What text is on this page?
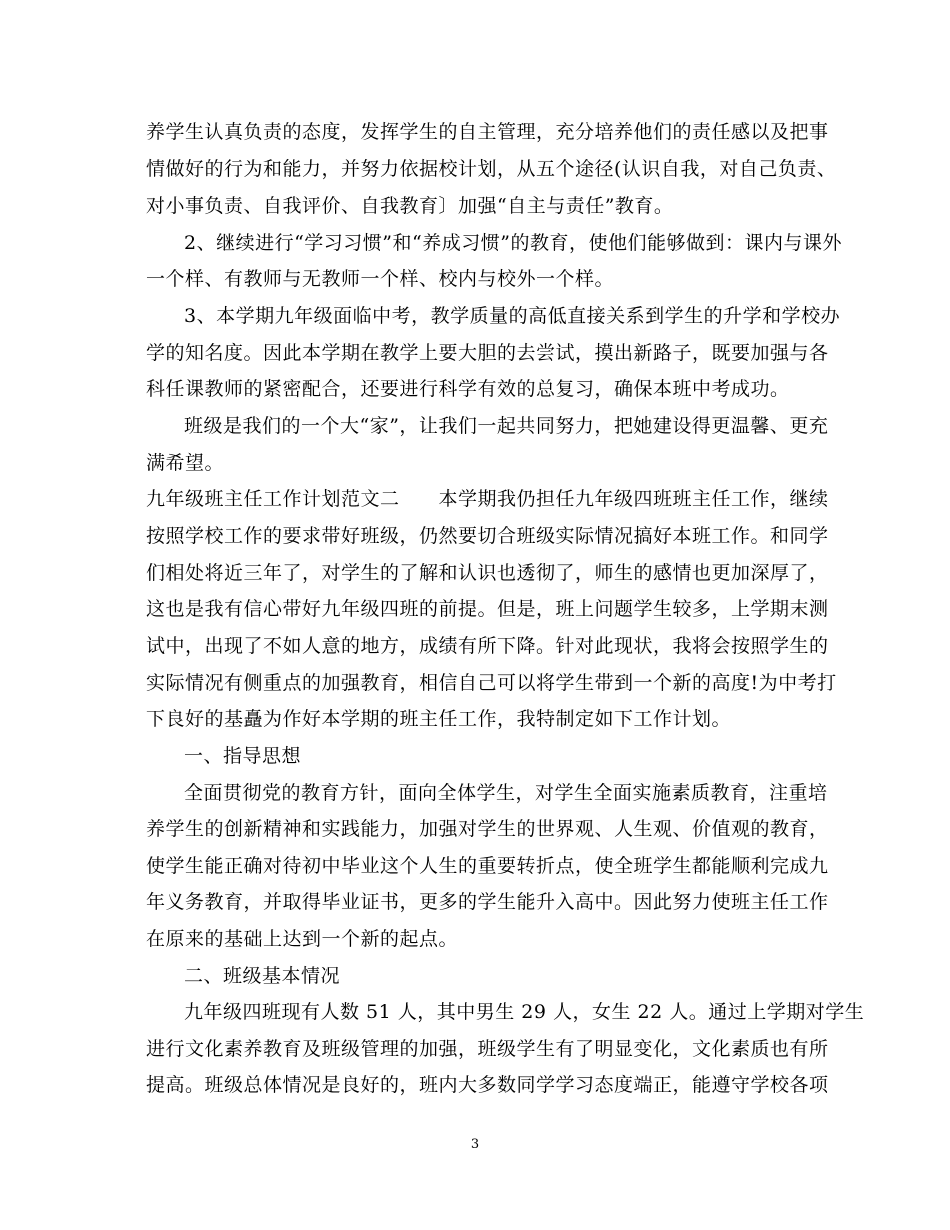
养学生认真负责的态度，发挥学生的自主管理，充分培养他们的责任感以及把事
情做好的行为和能力，并努力依据校计划，从五个途径(认识自我，对自己负责、
对小事负责、自我评价、自我教育〕加强“自主与责任”教育。
2、继续进行“学习习惯”和“养成习惯”的教育，使他们能够做到：课内与课外
一个样、有教师与无教师一个样、校内与校外一个样。
3、本学期九年级面临中考，教学质量的高低直接关系到学生的升学和学校办
学的知名度。因此本学期在教学上要大胆的去尝试，摸出新路子，既要加强与各
科任课教师的紧密配合，还要进行科学有效的总复习，确保本班中考成功。
班级是我们的一个大“家”，让我们一起共同努力，把她建设得更温馨、更充
满希望。
九年级班主任工作计划范文二　　本学期我仍担任九年级四班班主任工作，继续
按照学校工作的要求带好班级，仍然要切合班级实际情况搞好本班工作。和同学
们相处将近三年了，对学生的了解和认识也透彻了，师生的感情也更加深厚了，
这也是我有信心带好九年级四班的前提。但是，班上问题学生较多，上学期末测
试中，出现了不如人意的地方，成绩有所下降。针对此现状，我将会按照学生的
实际情况有侧重点的加强教育，相信自己可以将学生带到一个新的高度!为中考打
下良好的基矗为作好本学期的班主任工作，我特制定如下工作计划。
一、指导思想
全面贯彻党的教育方针，面向全体学生，对学生全面实施素质教育，注重培
养学生的创新精神和实践能力，加强对学生的世界观、人生观、价值观的教育，
使学生能正确对待初中毕业这个人生的重要转折点，使全班学生都能顺利完成九
年义务教育，并取得毕业证书，更多的学生能升入高中。因此努力使班主任工作
在原来的基础上达到一个新的起点。
二、班级基本情况
九年级四班现有人数 51 人，其中男生 29 人，女生 22 人。通过上学期对学生
进行文化素养教育及班级管理的加强，班级学生有了明显变化，文化素质也有所
提高。班级总体情况是良好的，班内大多数同学学习态度端正，能遵守学校各项
3
